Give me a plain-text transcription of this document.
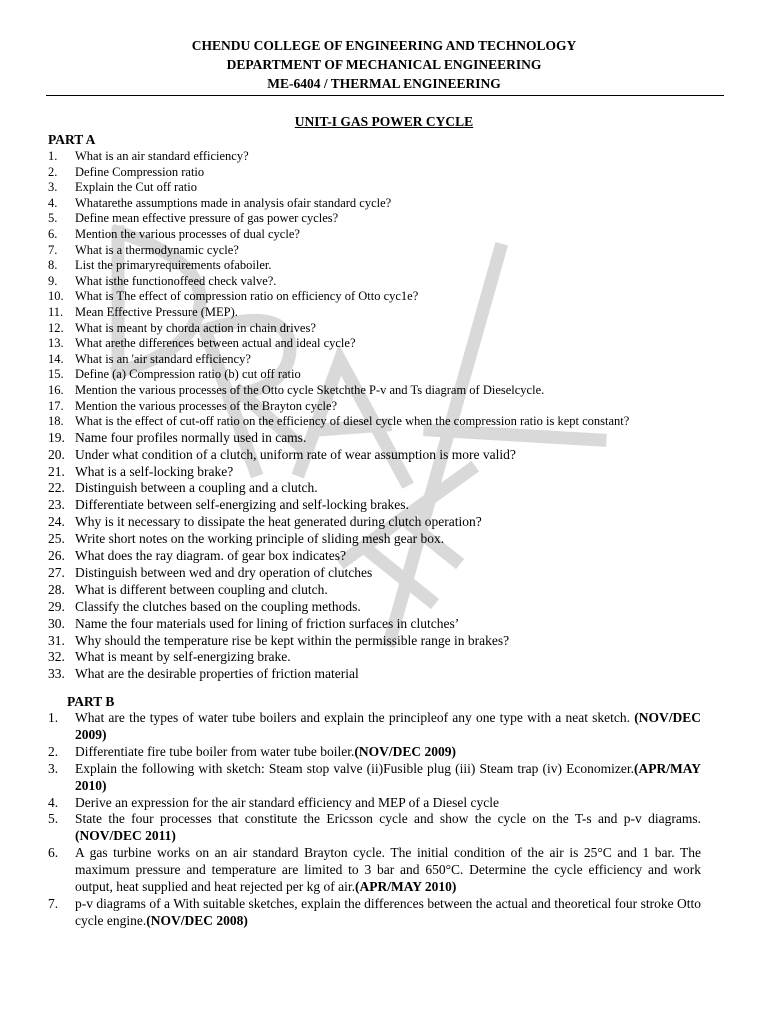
CHENDU COLLEGE OF ENGINEERING AND TECHNOLOGY
DEPARTMENT OF MECHANICAL ENGINEERING
ME-6404 / THERMAL ENGINEERING
UNIT-I GAS POWER CYCLE
PART A
1.	What is an air standard efficiency?
2.	Define Compression ratio
3.	Explain the Cut off ratio
4.	Whatarethe assumptions made in analysis ofair standard cycle?
5.	Define mean effective pressure of gas power cycles?
6.	Mention the various processes of dual cycle?
7.	What is a thermodynamic cycle?
8.	List the primaryrequirements ofaboiler.
9.	What isthe functionoffeed check valve?.
10. What is The effect of compression ratio on efficiency of Otto cyc1e?
11. Mean Effective Pressure (MEP).
12. What is meant by chorda action in chain drives?
13. What arethe differences between actual and ideal cycle?
14. What is an 'air standard efficiency?
15. Define (a) Compression ratio (b) cut off ratio
16. Mention the various processes of the Otto cycle Sketchthe P-v and Ts diagram of Dieselcycle.
17. Mention the various processes of the Brayton cycle?
18. What is the effect of cut-off ratio on the efficiency of diesel cycle when the compression ratio is kept constant?
19. Name four profiles normally used in cams.
20. Under what condition of a clutch, uniform rate of wear assumption is more valid?
21. What is a self-locking brake?
22. Distinguish between a coupling and a clutch.
23. Differentiate between self-energizing and self-locking brakes.
24. Why is it necessary to dissipate the heat generated during clutch operation?
25. Write short notes on the working principle of sliding mesh gear box.
26. What does the ray diagram. of gear box indicates?
27. Distinguish between wed and dry operation of clutches
28. What is different between coupling and clutch.
29. Classify the clutches based on the coupling methods.
30. Name the four materials used for lining of friction surfaces in clutches’
31. Why should the temperature rise be kept within the permissible range in brakes?
32. What is meant by self-energizing brake.
33. What are the desirable properties of friction material
PART B
1.	What are the types of water tube boilers and explain the principleof any one type with a neat sketch. (NOV/DEC 2009)
2.	Differentiate fire tube boiler from water tube boiler.(NOV/DEC 2009)
3.	Explain the following with sketch: Steam stop valve (ii)Fusible plug (iii) Steam trap (iv) Economizer.(APR/MAY 2010)
4.	Derive an expression for the air standard efficiency and MEP of a Diesel cycle
5.	State the four processes that constitute the Ericsson cycle and show the cycle on the T-s and p-v diagrams.(NOV/DEC 2011)
6.	A gas turbine works on an air standard Brayton cycle. The initial condition of the air is 25°C and 1 bar. The maximum pressure and temperature are limited to 3 bar and 650°C. Determine the cycle efficiency and work output, heat supplied and heat rejected per kg of air.(APR/MAY 2010)
7.	p-v diagrams of a With suitable sketches, explain the differences between the actual and theoretical four stroke Otto cycle engine.(NOV/DEC 2008)
